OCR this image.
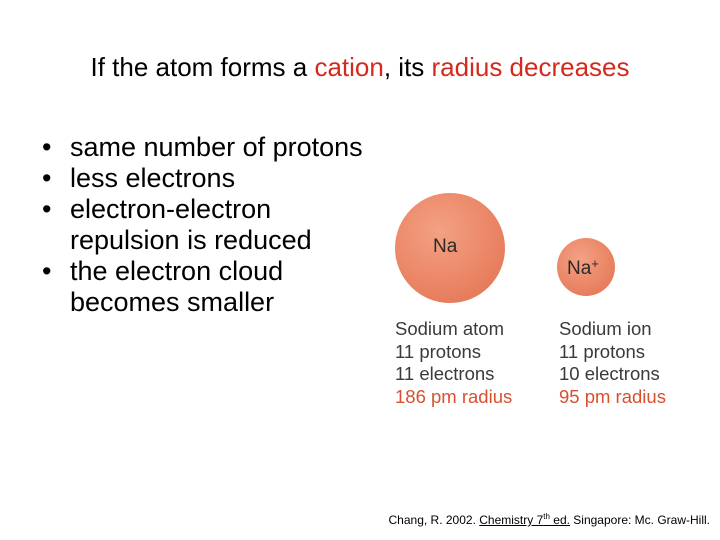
If the atom forms a cation, its radius decreases
• same number of protons
• less electrons
• electron-electron repulsion is reduced
• the electron cloud becomes smaller
Na
Na+
Sodium atom
11 protons
11 electrons
186 pm radius
Sodium ion
11 protons
10 electrons
95 pm radius
Chang, R. 2002. Chemistry 7th ed. Singapore: Mc. Graw-Hill.
